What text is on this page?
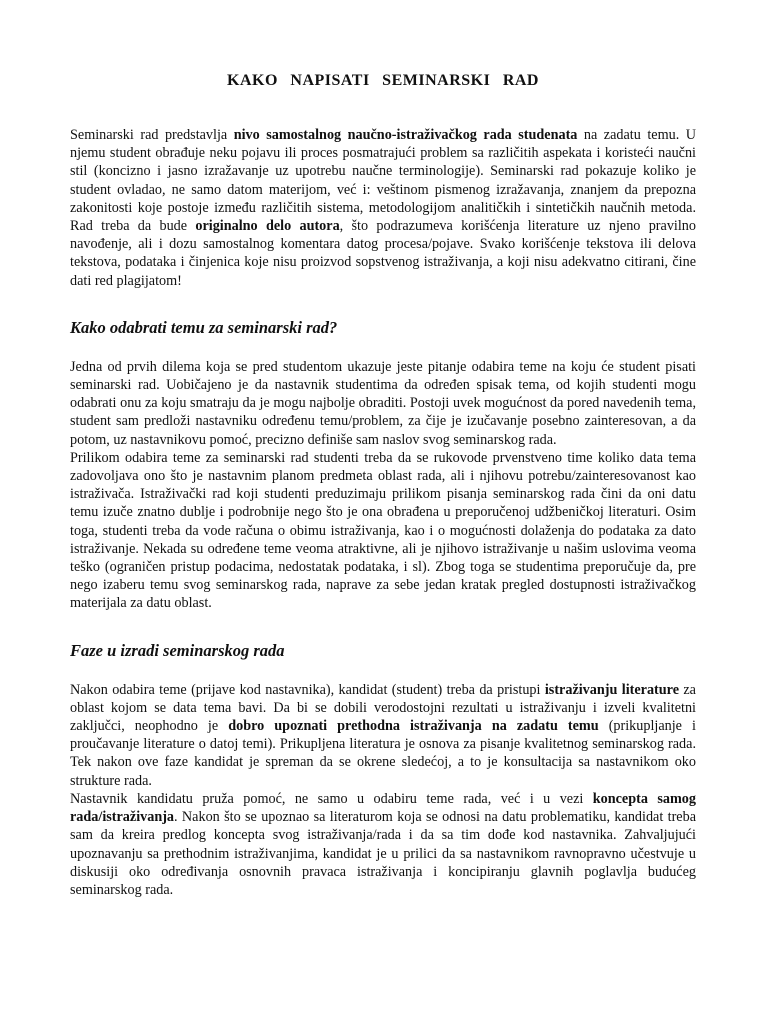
KAKO NAPISATI SEMINARSKI RAD

Seminarski rad predstavlja nivo samostalnog naučno-istraživačkog rada studenata na zadatu temu. U njemu student obrađuje neku pojavu ili proces posmatrajući problem sa različitih aspekata i koristeći naučni stil (koncizno i jasno izražavanje uz upotrebu naučne terminologije). Seminarski rad pokazuje koliko je student ovladao, ne samo datom materijom, već i: veštinom pismenog izražavanja, znanjem da prepozna zakonitosti koje postoje između različitih sistema, metodologijom analitičkih i sintetičkih naučnih metoda. Rad treba da bude originalno delo autora, što podrazumeva korišćenja literature uz njeno pravilno navođenje, ali i dozu samostalnog komentara datog procesa/pojave. Svako korišćenje tekstova ili delova tekstova, podataka i činjenica koje nisu proizvod sopstvenog istraživanja, a koji nisu adekvatno citirani, čine dati red plagijatom!

Kako odabrati temu za seminarski rad?

Jedna od prvih dilema koja se pred studentom ukazuje jeste pitanje odabira teme na koju će student pisati seminarski rad. Uobičajeno je da nastavnik studentima da određen spisak tema, od kojih studenti mogu odabrati onu za koju smatraju da je mogu najbolje obraditi. Postoji uvek mogućnost da pored navedenih tema, student sam predloži nastavniku određenu temu/problem, za čije je izučavanje posebno zainteresovan, a da potom, uz nastavnikovu pomoć, precizno definiše sam naslov svog seminarskog rada.

Prilikom odabira teme za seminarski rad studenti treba da se rukovode prvenstveno time koliko data tema zadovoljava ono što je nastavnim planom predmeta oblast rada, ali i njihovu potrebu/zainteresovanost kao istraživača. Istraživački rad koji studenti preduzimaju prilikom pisanja seminarskog rada čini da oni datu temu izuče znatno dublje i podrobnije nego što je ona obrađena u preporučenoj udžbeničkoj literaturi. Osim toga, studenti treba da vode računa o obimu istraživanja, kao i o mogućnosti dolaženja do podataka za dato istraživanje. Nekada su određene teme veoma atraktivne, ali je njihovo istraživanje u našim uslovima veoma teško (ograničen pristup podacima, nedostatak podataka, i sl). Zbog toga se studentima preporučuje da, pre nego izaberu temu svog seminarskog rada, naprave za sebe jedan kratak pregled dostupnosti istraživačkog materijala za datu oblast.

Faze u izradi seminarskog rada

Nakon odabira teme (prijave kod nastavnika), kandidat (student) treba da pristupi istraživanju literature za oblast kojom se data tema bavi. Da bi se dobili verodostojni rezultati u istraživanju i izveli kvalitetni zaključci, neophodno je dobro upoznati prethodna istraživanja na zadatu temu (prikupljanje i proučavanje literature o datoj temi). Prikupljena literatura je osnova za pisanje kvalitetnog seminarskog rada. Tek nakon ove faze kandidat je spreman da se okrene sledećoj, a to je konsultacija sa nastavnikom oko strukture rada.

Nastavnik kandidatu pruža pomoć, ne samo u odabiru teme rada, već i u vezi koncepta samog rada/istraživanja. Nakon što se upoznao sa literaturom koja se odnosi na datu problematiku, kandidat treba sam da kreira predlog koncepta svog istraživanja/rada i da sa tim dođe kod nastavnika. Zahvaljujući upoznavanju sa prethodnim istraživanjima, kandidat je u prilici da sa nastavnikom ravnopravno učestvuje u diskusiji oko određivanja osnovnih pravaca istraživanja i koncipiranju glavnih poglavlja budućeg seminarskog rada.
